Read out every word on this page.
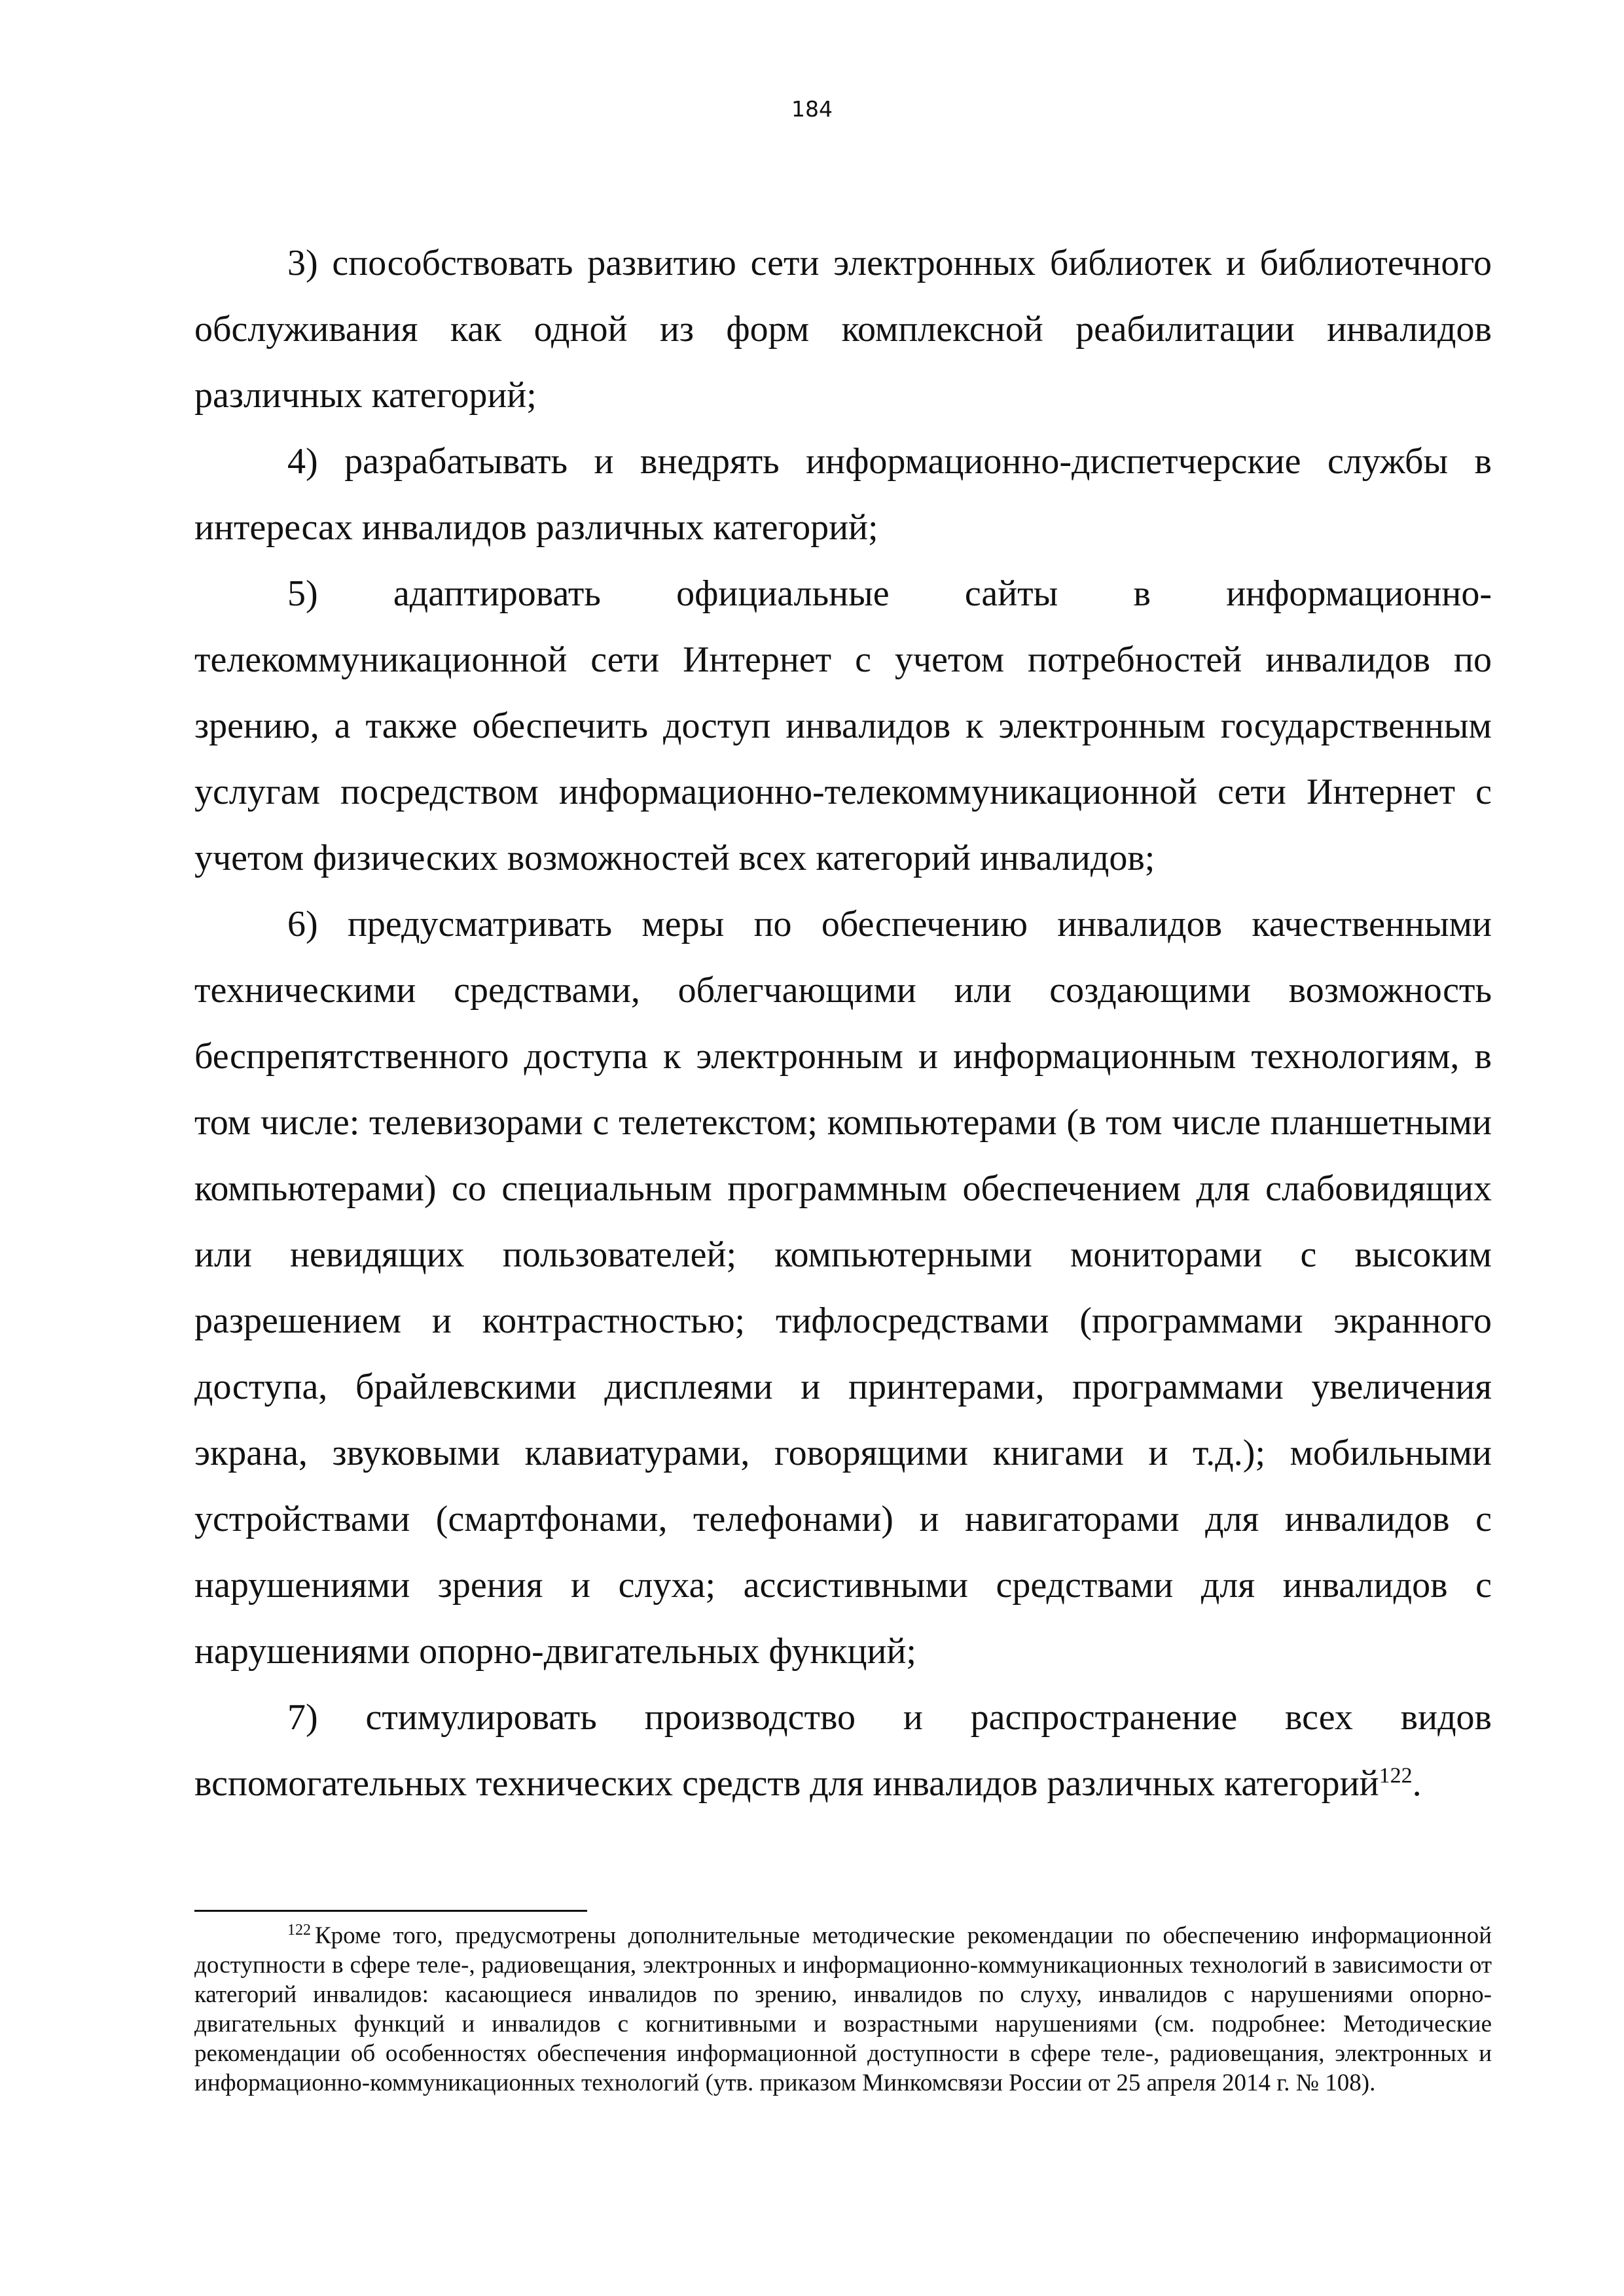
184

3) способствовать развитию сети электронных библиотек и библиотечного обслуживания как одной из форм комплексной реабилитации инвалидов различных категорий;

4) разрабатывать и внедрять информационно-диспетчерские службы в интересах инвалидов различных категорий;

5) адаптировать официальные сайты в информационно-телекоммуникационной сети Интернет с учетом потребностей инвалидов по зрению, а также обеспечить доступ инвалидов к электронным государственным услугам посредством информационно-телекоммуникационной сети Интернет с учетом физических возможностей всех категорий инвалидов;

6) предусматривать меры по обеспечению инвалидов качественными техническими средствами, облегчающими или создающими возможность беспрепятственного доступа к электронным и информационным технологиям, в том числе: телевизорами с телетекстом; компьютерами (в том числе планшетными компьютерами) со специальным программным обеспечением для слабовидящих или невидящих пользователей; компьютерными мониторами с высоким разрешением и контрастностью; тифлосредствами (программами экранного доступа, брайлевскими дисплеями и принтерами, программами увеличения экрана, звуковыми клавиатурами, говорящими книгами и т.д.); мобильными устройствами (смартфонами, телефонами) и навигаторами для инвалидов с нарушениями зрения и слуха; ассистивными средствами для инвалидов с нарушениями опорно-двигательных функций;

7) стимулировать производство и распространение всех видов вспомогательных технических средств для инвалидов различных категорий$^{122}$.

$^{122}$ Кроме того, предусмотрены дополнительные методические рекомендации по обеспечению информационной доступности в сфере теле-, радиовещания, электронных и информационно-коммуникационных технологий в зависимости от категорий инвалидов: касающиеся инвалидов по зрению, инвалидов по слуху, инвалидов с нарушениями опорно-двигательных функций и инвалидов с когнитивными и возрастными нарушениями (см. подробнее: Методические рекомендации об особенностях обеспечения информационной доступности в сфере теле-, радиовещания, электронных и информационно-коммуникационных технологий (утв. приказом Минкомсвязи России от 25 апреля 2014 г. № 108).
